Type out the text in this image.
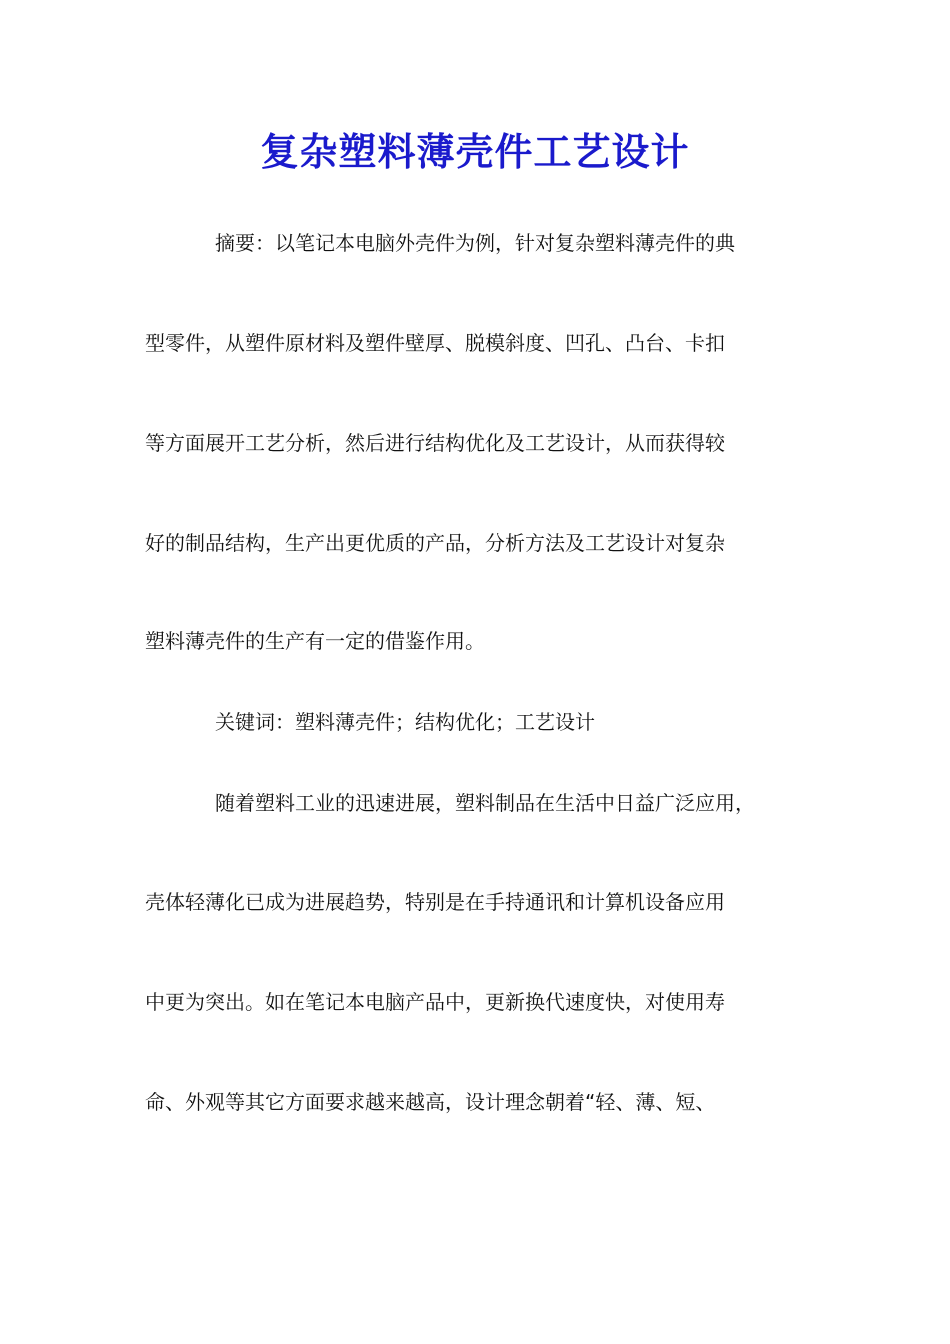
复杂塑料薄壳件工艺设计

摘要：以笔记本电脑外壳件为例，针对复杂塑料薄壳件的典

型零件，从塑件原材料及塑件壁厚、脱模斜度、凹孔、凸台、卡扣

等方面展开工艺分析，然后进行结构优化及工艺设计，从而获得较

好的制品结构，生产出更优质的产品，分析方法及工艺设计对复杂

塑料薄壳件的生产有一定的借鉴作用。

关键词：塑料薄壳件；结构优化；工艺设计

随着塑料工业的迅速进展，塑料制品在生活中日益广泛应用，

壳体轻薄化已成为进展趋势，特别是在手持通讯和计算机设备应用

中更为突出。如在笔记本电脑产品中，更新换代速度快，对使用寿

命、外观等其它方面要求越来越高，设计理念朝着“轻、薄、短、
